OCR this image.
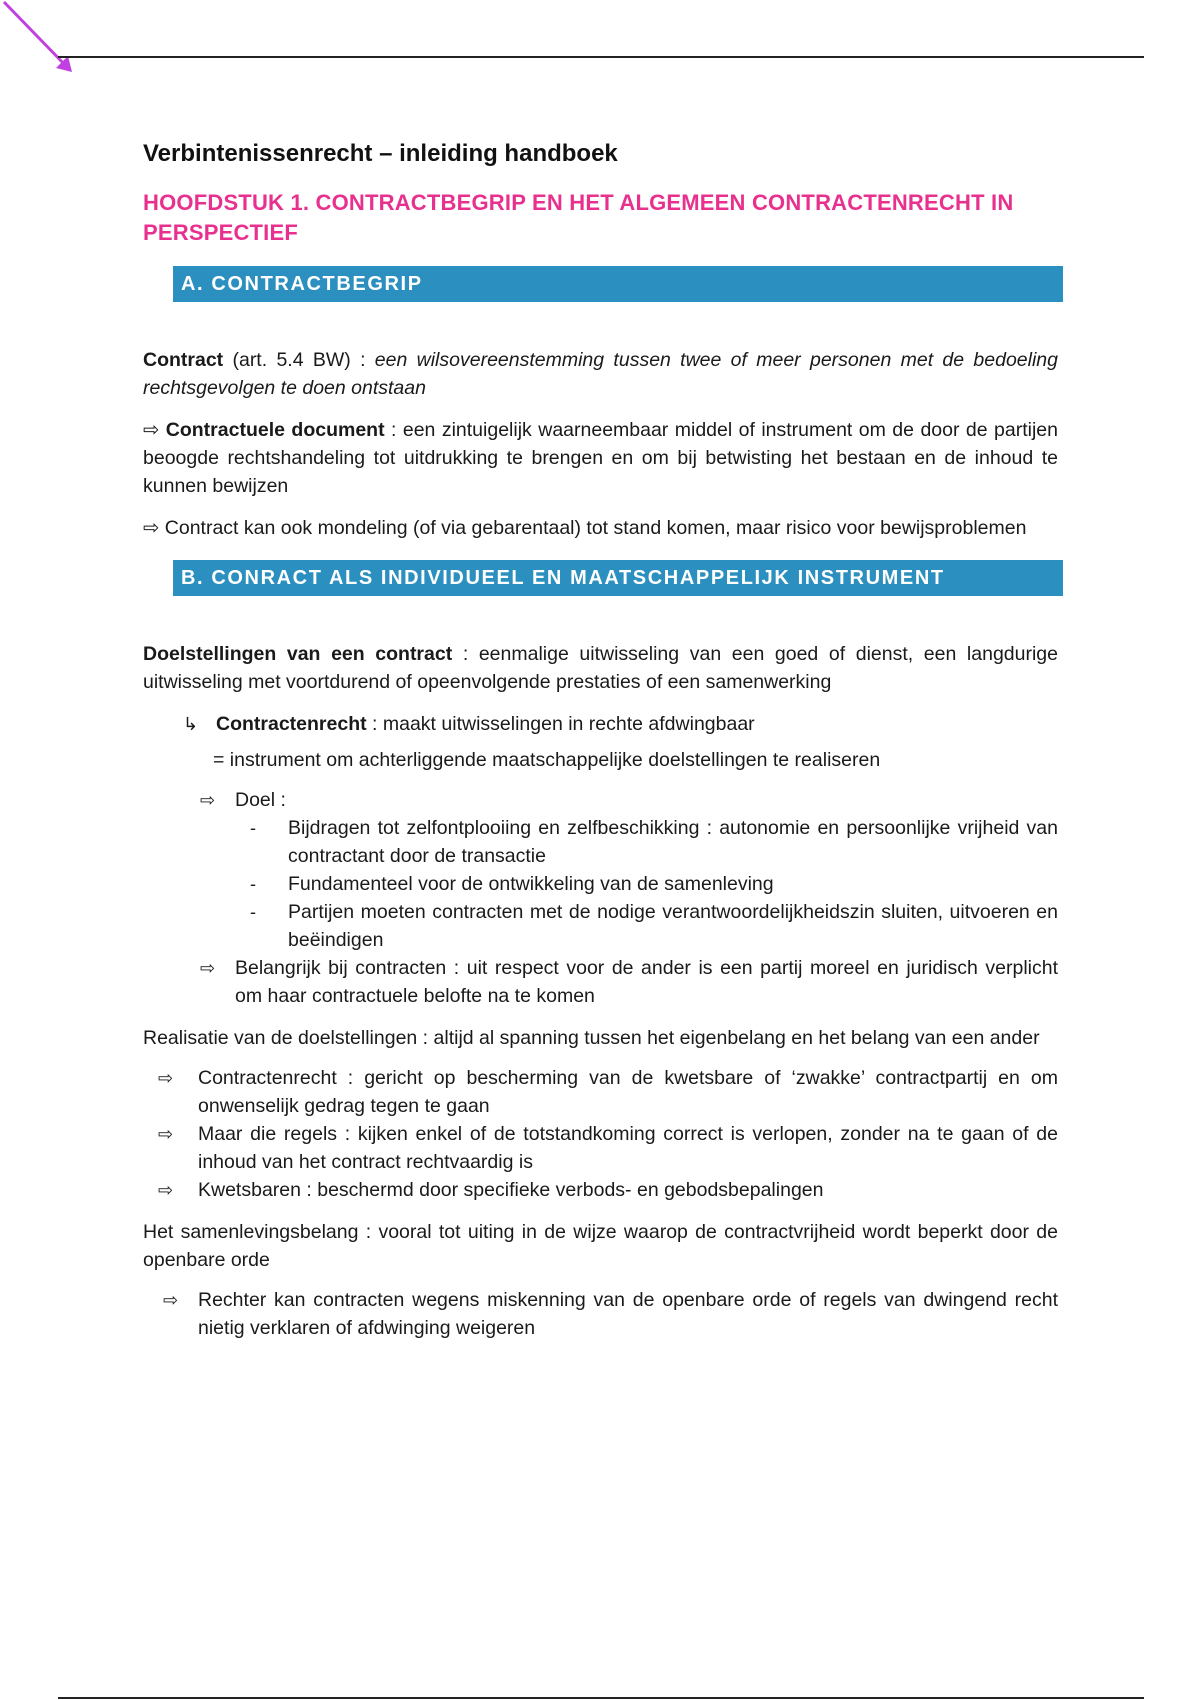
Verbintenissenrecht – inleiding handboek
HOOFDSTUK 1. CONTRACTBEGRIP EN HET ALGEMEEN CONTRACTENRECHT IN PERSPECTIEF
A. CONTRACTBEGRIP

Contract (art. 5.4 BW) : een wilsovereenstemming tussen twee of meer personen met de bedoeling rechtsgevolgen te doen ontstaan

⇨ Contractuele document : een zintuigelijk waarneembaar middel of instrument om de door de partijen beoogde rechtshandeling tot uitdrukking te brengen en om bij betwisting het bestaan en de inhoud te kunnen bewijzen

⇨ Contract kan ook mondeling (of via gebarentaal) tot stand komen, maar risico voor bewijsproblemen

B. CONRACT ALS INDIVIDUEEL EN MAATSCHAPPELIJK INSTRUMENT

Doelstellingen van een contract : eenmalige uitwisseling van een goed of dienst, een langdurige uitwisseling met voortdurend of opeenvolgende prestaties of een samenwerking

↳ Contractenrecht : maakt uitwisselingen in rechte afdwingbaar

= instrument om achterliggende maatschappelijke doelstellingen te realiseren

⇨	Doel :

-	Bijdragen tot zelfontplooiing en zelfbeschikking : autonomie en persoonlijke vrijheid van contractant door de transactie

-	Fundamenteel voor de ontwikkeling van de samenleving

-	Partijen moeten contracten met de nodige verantwoordelijkheidszin sluiten, uitvoeren en beëindigen

⇨	Belangrijk bij contracten : uit respect voor de ander is een partij moreel en juridisch verplicht om haar contractuele belofte na te komen

Realisatie van de doelstellingen : altijd al spanning tussen het eigenbelang en het belang van een ander

⇨	Contractenrecht : gericht op bescherming van de kwetsbare of ‘zwakke’ contractpartij en om onwenselijk gedrag tegen te gaan

⇨	Maar die regels : kijken enkel of de totstandkoming correct is verlopen, zonder na te gaan of de inhoud van het contract rechtvaardig is

⇨	Kwetsbaren : beschermd door specifieke verbods- en gebodsbepalingen

Het samenlevingsbelang : vooral tot uiting in de wijze waarop de contractvrijheid wordt beperkt door de openbare orde

⇨	Rechter kan contracten wegens miskenning van de openbare orde of regels van dwingend recht nietig verklaren of afdwinging weigeren
